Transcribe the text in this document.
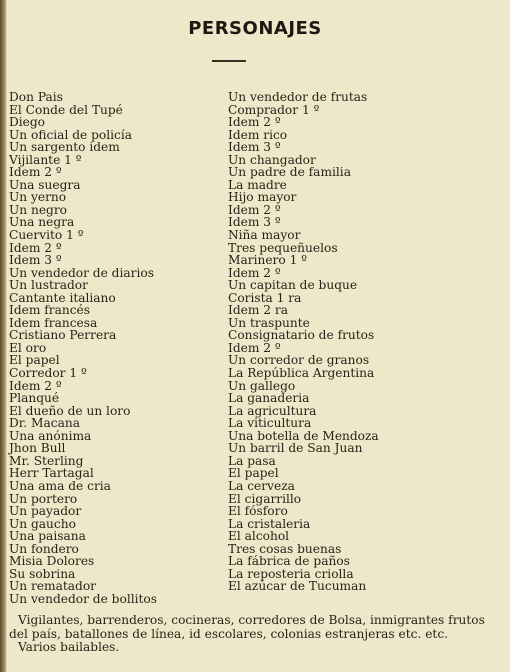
PERSONAJES
Don Pais
El Conde del Tupé
Diego
Un oficial de policía
Un sargento idem
Vijilante 1 º
Idem 2 º
Una suegra
Un yerno
Un negro
Una negra
Cuervito 1 º
Idem 2 º
Idem 3 º
Un vendedor de diarios
Un lustrador
Cantante italiano
Idem francés
Idem francesa
Cristiano Perrera
El oro
El papel
Corredor 1 º
Idem 2 º
Planqué
El dueño de un loro
Dr. Macana
Una anónima
Jhon Bull
Mr. Sterling
Herr Tartagal
Una ama de cria
Un portero
Un payador
Un gaucho
Una paisana
Un fondero
Misia Dolores
Su sobrina
Un rematador
Un vendedor de bollitos
Un vendedor de frutas
Comprador 1 º
Idem 2 º
Idem rico
Idem 3 º
Un changador
Un padre de familia
La madre
Hijo mayor
Idem 2 º
Idem 3 º
Niña mayor
Tres pequeñuelos
Marinero 1 º
Idem 2 º
Un capitan de buque
Corista 1 ra
Idem 2 ra
Un traspunte
Consignatario de frutos
Idem 2 º
Un corredor de granos
La República Argentina
Un gallego
La ganaderia
La agricultura
La viticultura
Una botella de Mendoza
Un barril de San Juan
La pasa
El papel
La cerveza
El cigarrillo
El fósforo
La cristaleria
El alcohol
Tres cosas buenas
La fábrica de paños
La reposteria criolla
El azúcar de Tucuman
Vigilantes, barrenderos, cocineras, corredores de Bolsa, inmigrantes frutos
del país, batallones de línea, id escolares, colonias estranjeras etc. etc.
Varios bailables.
